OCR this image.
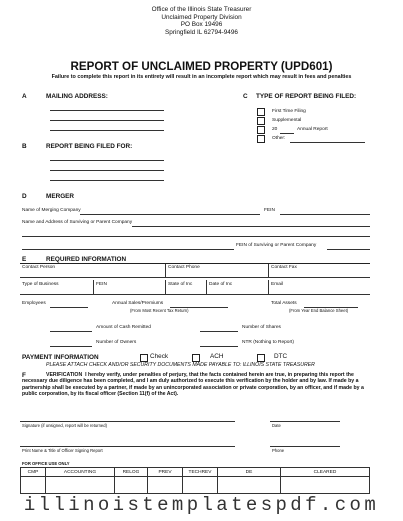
Office of the Illinois State Treasurer
Unclaimed Property Division
PO Box 19496
Springfield IL 62794-9496
REPORT OF UNCLAIMED PROPERTY (UPD601)
Failure to complete this report in its entirety will result in an incomplete report which may result in fees and penalties
A	MAILING ADDRESS:	C TYPE OF REPORT BEING FILED:
First Time Filing
Supplemental
20	Annual Report
Other:
B	REPORT BEING FILED FOR:
D	MERGER
Name of Merging Company	FEIN
Name and Address of Surviving or Parent Company
FEIN of Surviving or Parent Company
E	REQUIRED INFORMATION
Contact Person	Contact Phone	Contact Fax
Type of Business	FEIN	State of Inc	Date of Inc	Email
Employees	Annual Sales/Premiums
(From Most Recent Tax Return)
Total Assets
(From Year End Balance Sheet)
Amount of Cash Remitted	Number of Shares
Number of Owners	NTR (Nothing to Report)
PAYMENT INFORMATION	Check	ACH	DTC
PLEASE ATTACH CHECK AND/OR SECURITY DOCUMENTS MADE PAYABLE TO: ILLINOIS STATE TREASURER
F	VERIFICATION I hereby verify, under penalties of perjury, that the facts contained herein are true, in preparing this report the necessary due diligence has been completed, and I am duly authorized to execute this verification by the holder and by law. If made by a partnership shall be executed by a partner, if made by an unincorporated association or private corporation, by an officer, and if made by a public corporation, by its fiscal officer (Section 11(f) of the Act).
Signature (if unsigned, report will be returned)	Date
Print Name & Title of Officer Signing Report	Phone
FOR OFFICE USE ONLY
CMP	ACCOUNTING	RELOG	PREV	TECHREV	DE	CLEARED

illinoistemplatespdf.com
